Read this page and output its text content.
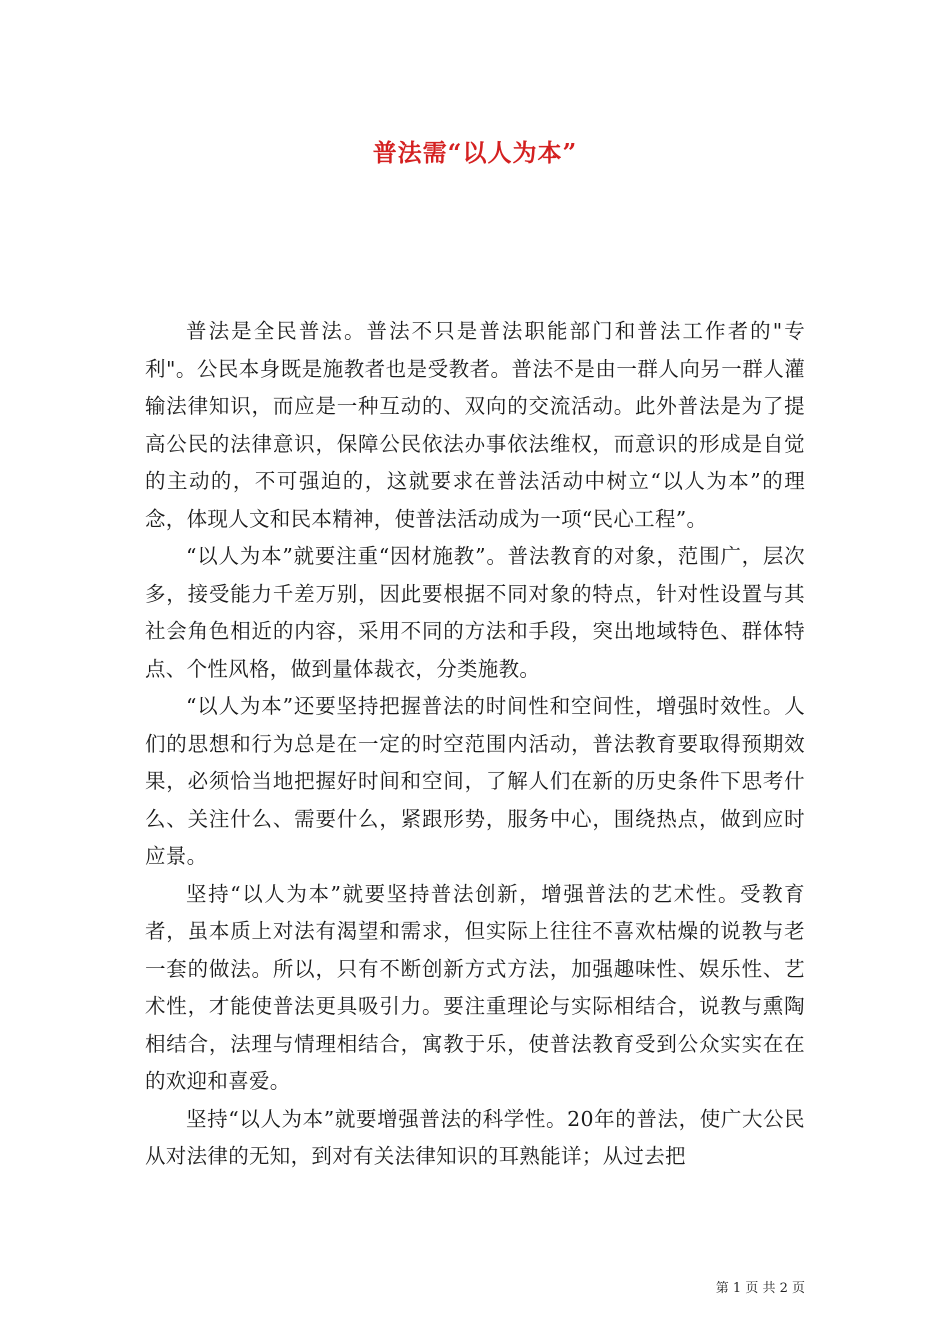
普法需“以人为本”

普法是全民普法。普法不只是普法职能部门和普法工作者的"专利"。公民本身既是施教者也是受教者。普法不是由一群人向另一群人灌输法律知识，而应是一种互动的、双向的交流活动。此外普法是为了提高公民的法律意识，保障公民依法办事依法维权，而意识的形成是自觉的主动的，不可强迫的，这就要求在普法活动中树立“以人为本”的理念，体现人文和民本精神，使普法活动成为一项“民心工程”。

“以人为本”就要注重“因材施教”。普法教育的对象，范围广，层次多，接受能力千差万别，因此要根据不同对象的特点，针对性设置与其社会角色相近的内容，采用不同的方法和手段，突出地域特色、群体特点、个性风格，做到量体裁衣，分类施教。

“以人为本”还要坚持把握普法的时间性和空间性，增强时效性。人们的思想和行为总是在一定的时空范围内活动，普法教育要取得预期效果，必须恰当地把握好时间和空间，了解人们在新的历史条件下思考什么、关注什么、需要什么，紧跟形势，服务中心，围绕热点，做到应时应景。

坚持“以人为本”就要坚持普法创新，增强普法的艺术性。受教育者，虽本质上对法有渴望和需求，但实际上往往不喜欢枯燥的说教与老一套的做法。所以，只有不断创新方式方法，加强趣味性、娱乐性、艺术性，才能使普法更具吸引力。要注重理论与实际相结合，说教与熏陶相结合，法理与情理相结合，寓教于乐，使普法教育受到公众实实在在的欢迎和喜爱。

坚持“以人为本”就要增强普法的科学性。20年的普法，使广大公民从对法律的无知，到对有关法律知识的耳熟能详；从过去把

第 1 页 共 2 页
